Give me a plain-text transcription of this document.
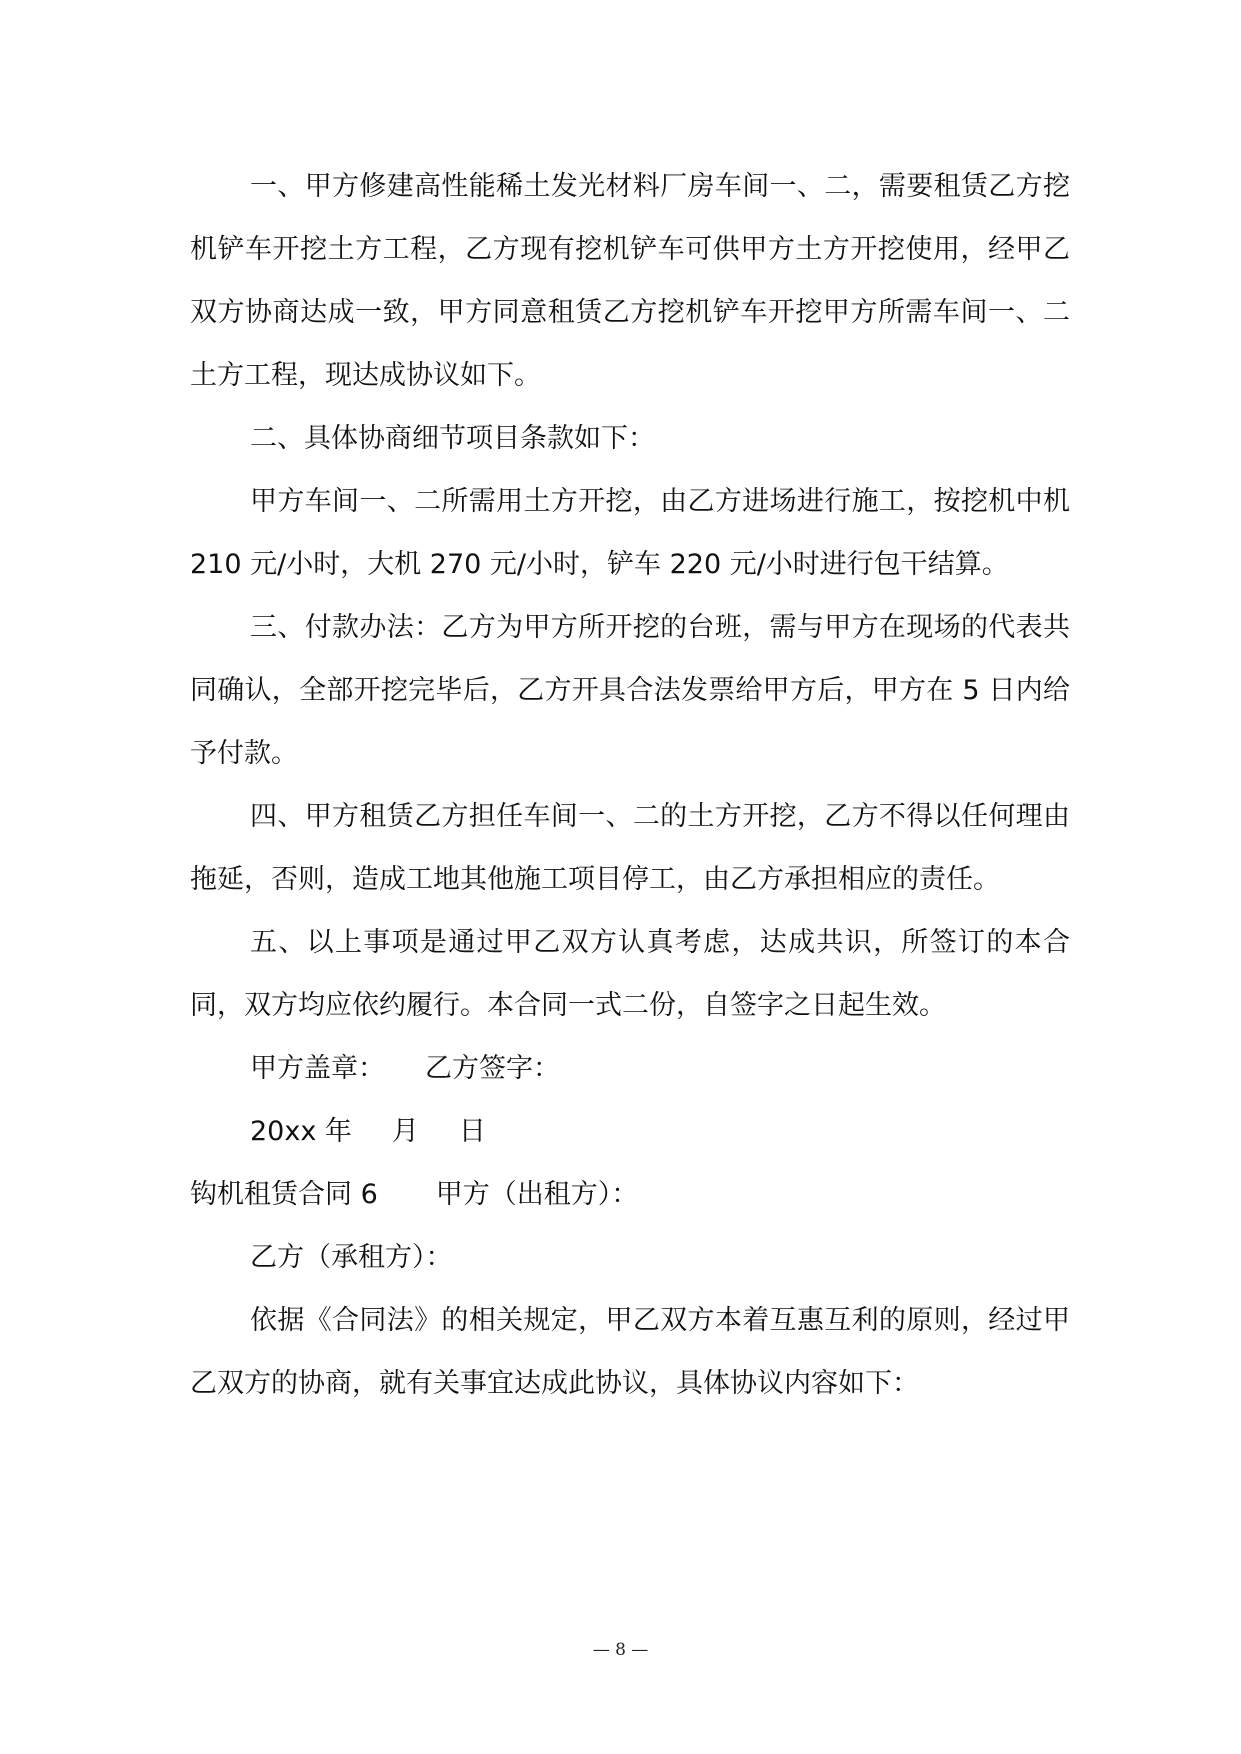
一、甲方修建高性能稀土发光材料厂房车间一、二，需要租赁乙方挖机铲车开挖土方工程，乙方现有挖机铲车可供甲方土方开挖使用，经甲乙双方协商达成一致，甲方同意租赁乙方挖机铲车开挖甲方所需车间一、二土方工程，现达成协议如下。

二、具体协商细节项目条款如下：

甲方车间一、二所需用土方开挖，由乙方进场进行施工，按挖机中机 210 元/小时，大机 270 元/小时，铲车 220 元/小时进行包干结算。

三、付款办法：乙方为甲方所开挖的台班，需与甲方在现场的代表共同确认，全部开挖完毕后，乙方开具合法发票给甲方后，甲方在 5 日内给予付款。

四、甲方租赁乙方担任车间一、二的土方开挖，乙方不得以任何理由拖延，否则，造成工地其他施工项目停工，由乙方承担相应的责任。

五、以上事项是通过甲乙双方认真考虑，达成共识，所签订的本合同，双方均应依约履行。本合同一式二份，自签字之日起生效。

甲方盖章： 乙方签字：

20xx 年 月 日

钩机租赁合同 6 甲方（出租方）：

乙方（承租方）：

依据《合同法》的相关规定，甲乙双方本着互惠互利的原则，经过甲乙双方的协商，就有关事宜达成此协议，具体协议内容如下：

— 8 —
